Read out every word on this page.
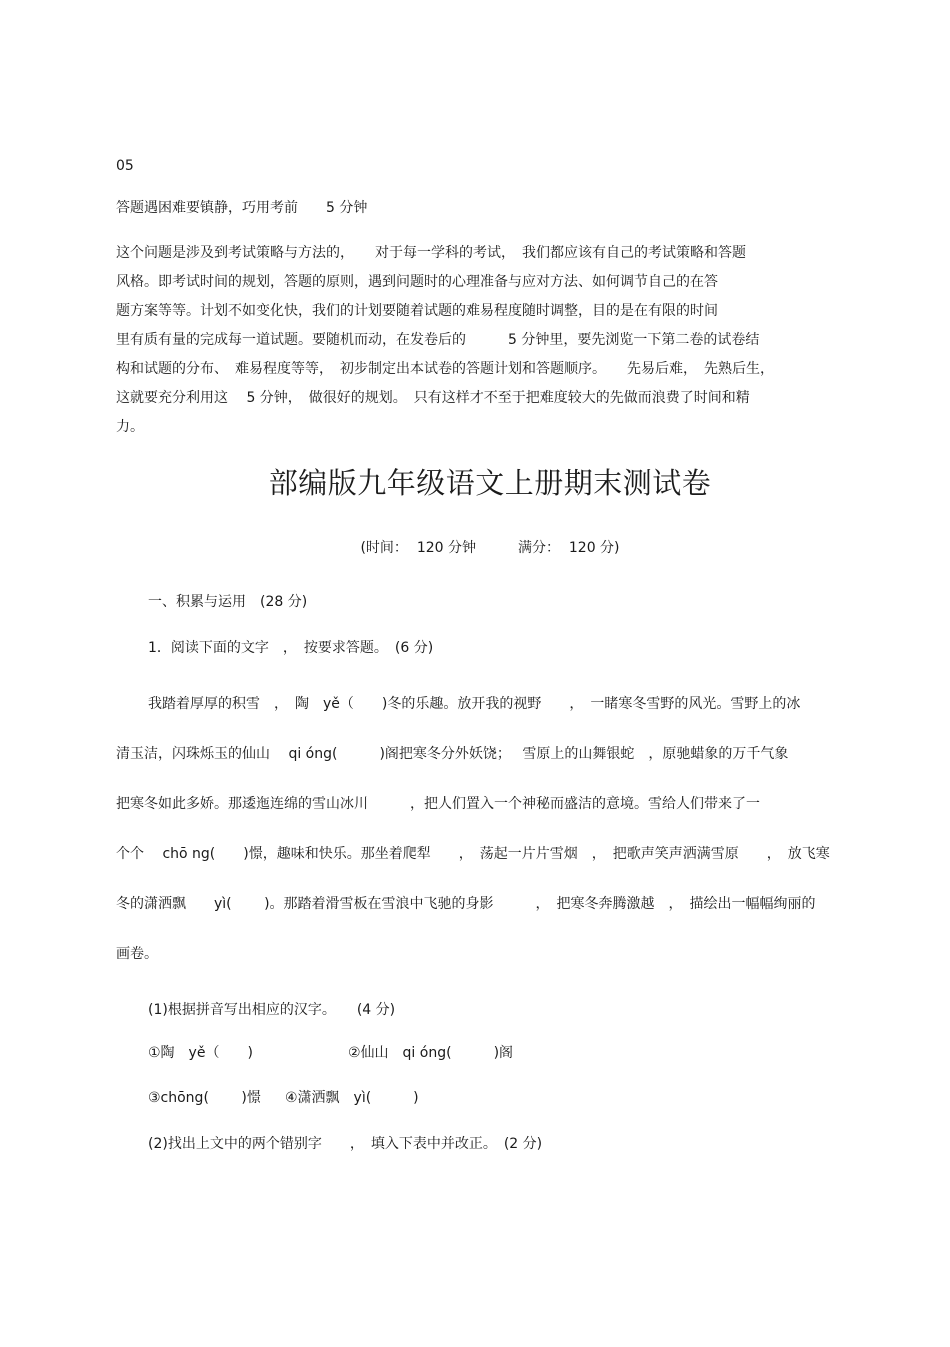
05
答题遇困难要镇静，巧用考前　　5 分钟
这个问题是涉及到考试策略与方法的，　　对于每一学科的考试，　我们都应该有自己的考试策略和答题
风格。即考试时间的规划，答题的原则，遇到问题时的心理准备与应对方法、如何调节自己的在答
题方案等等。计划不如变化快，我们的计划要随着试题的难易程度随时调整，目的是在有限的时间
里有质有量的完成每一道试题。要随机而动，在发卷后的　　　5 分钟里，要先浏览一下第二卷的试卷结
构和试题的分布、　难易程度等等，　初步制定出本试卷的答题计划和答题顺序。　　先易后难，　先熟后生，
这就要充分利用这　 5 分钟，　做很好的规划。　只有这样才不至于把难度较大的先做而浪费了时间和精
力。
部编版九年级语文上册期末测试卷
(时间：  120 分钟　　　满分：  120 分)
一、积累与运用　(28 分)
1．阅读下面的文字　，　按要求答题。　(6 分)
我踏着厚厚的积雪　，　陶　yě（　　)冬的乐趣。放开我的视野　　，　一睹寒冬雪野的风光。雪野上的冰
清玉洁，闪珠烁玉的仙山　 qi óng(　　　)阁把寒冬分外妖饶；　 雪原上的山舞银蛇　，原驰蜡象的万千气象
把寒冬如此多娇。那逶迤连绵的雪山冰川　　　，把人们置入一个神秘而盛洁的意境。雪给人们带来了一
个个　 chō ng(　　)憬，趣味和快乐。那坐着爬犁　　，　荡起一片片雪烟　，　把歌声笑声洒满雪原　　，　放飞寒
冬的潇洒飘　　yì(　　 )。那踏着滑雪板在雪浪中飞驰的身影　　　，　把寒冬奔腾激越　，　描绘出一幅幅绚丽的
画卷。
(1)根据拼音写出相应的汉字。　　(4 分)
①陶　yě（　　)	②仙山　qi óng(　　　)阁
③chōng(　　 )憬 ④潇洒飘　yì(　　　)
(2)找出上文中的两个错别字　　，　填入下表中并改正。　(2 分)
